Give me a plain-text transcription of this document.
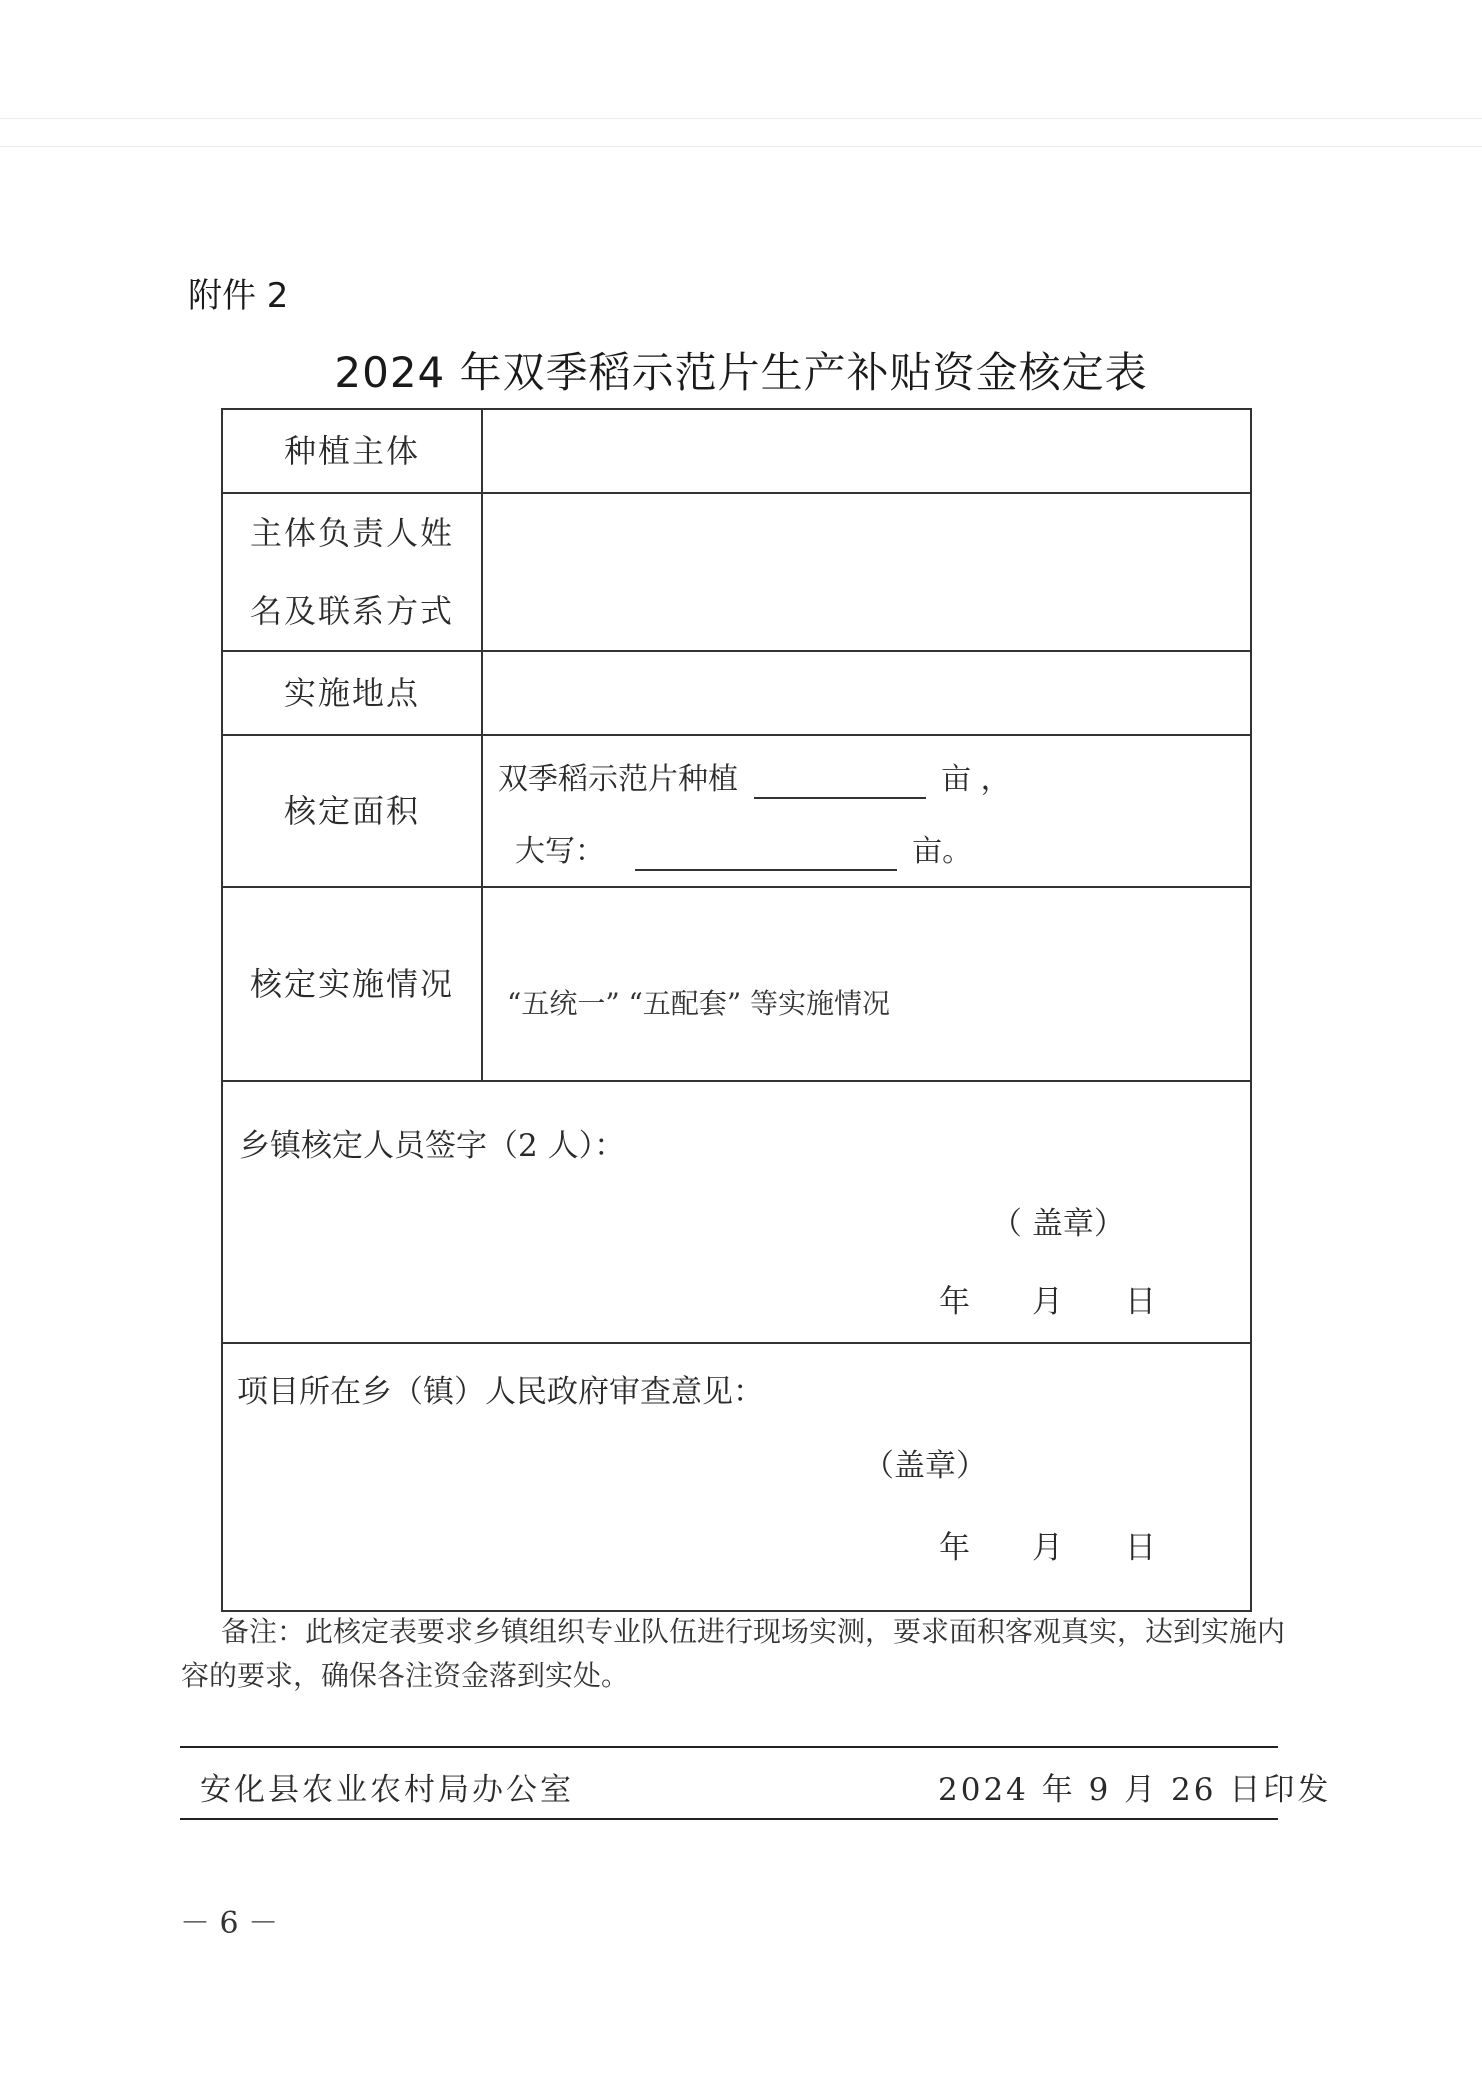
附件 2
2024 年双季稻示范片生产补贴资金核定表
种植主体	

主体负责人姓
名及联系方式	

实施地点	
核定面积	双季稻示范片种植 亩 ，
大写： 亩。

核定实施情况	“五统一” “五配套” 等实施情况

乡镇核定人员签字（2 人）：
（ 盖章）
年　　月　　日	

项目所在乡（镇）人民政府审查意见：
（盖章）
年　　月　　日	
备注：此核定表要求乡镇组织专业队伍进行现场实测，要求面积客观真实，达到实施内容的要求，确保各注资金落到实处。
安化县农业农村局办公室	2024 年 9 月 26 日印发
－ 6 －
